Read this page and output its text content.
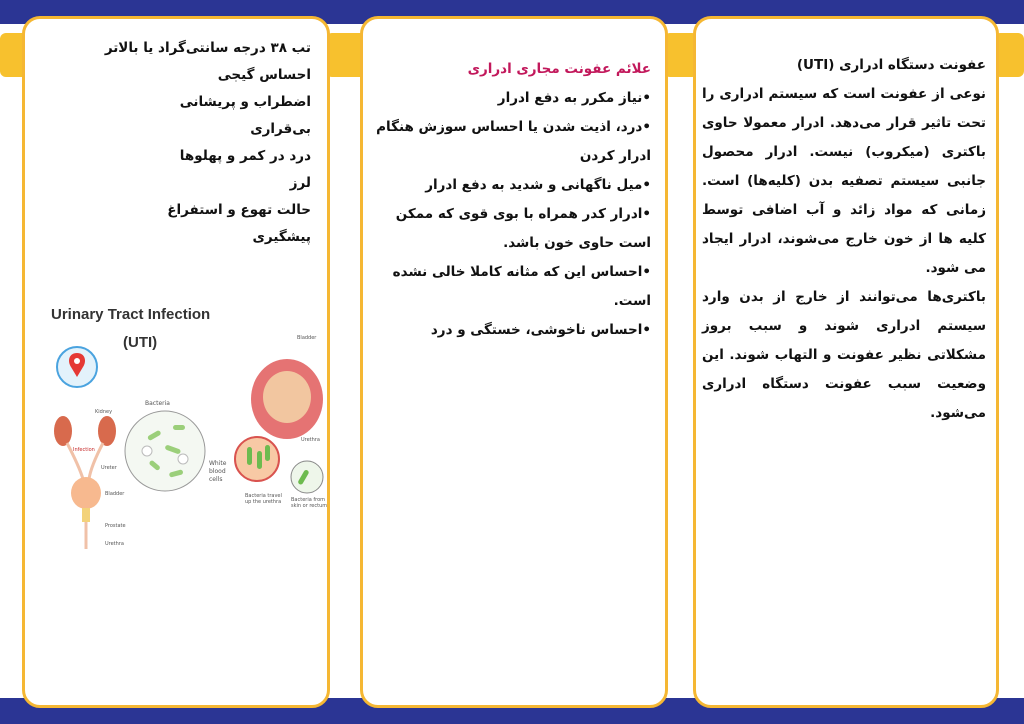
تب ۳۸ درجه سانتی‌گراد یا بالاتر
احساس گیجی
اضطراب و پریشانی
بی‌قراری
درد در کمر و پهلوها
لرز
حالت تهوع و استفراغ
پیشگیری
Urinary Tract Infection
(UTI)
Infection
Kidney
Ureter
Bladder
Prostate
Urethra
Bacteria
White
blood
cells
Bladder
Urethra
Bacteria travel
up the urethra Bacteria from
skin or rectum
علائم عفونت مجاری ادراری
•نیاز مکرر به دفع ادرار
•درد، اذیت شدن یا احساس سوزش هنگام ادرار کردن
•میل ناگهانی و شدید به دفع ادرار
•ادرار کدر همراه با بوی قوی که ممکن است حاوی خون باشد.
•احساس این که مثانه کاملا خالی نشده است.
•احساس ناخوشی، خستگی و درد
عفونت دستگاه ادراری (UTI)

نوعی از عفونت است که سیستم ادراری را تحت تاثیر قرار می‌دهد. ادرار معمولا حاوی باکتری (میکروب) نیست. ادرار محصول جانبی سیستم تصفیه بدن (کلیه‌ها) است. زمانی که مواد زائد و آب اضافی توسط کلیه ها از خون خارج می‌شوند، ادرار ایجاد می شود.

باکتری‌ها می‌توانند از خارج از بدن وارد سیستم ادراری شوند و سبب بروز مشکلاتی نظیر عفونت و التهاب شوند. این وضعیت سبب عفونت دستگاه ادراری می‌شود.
